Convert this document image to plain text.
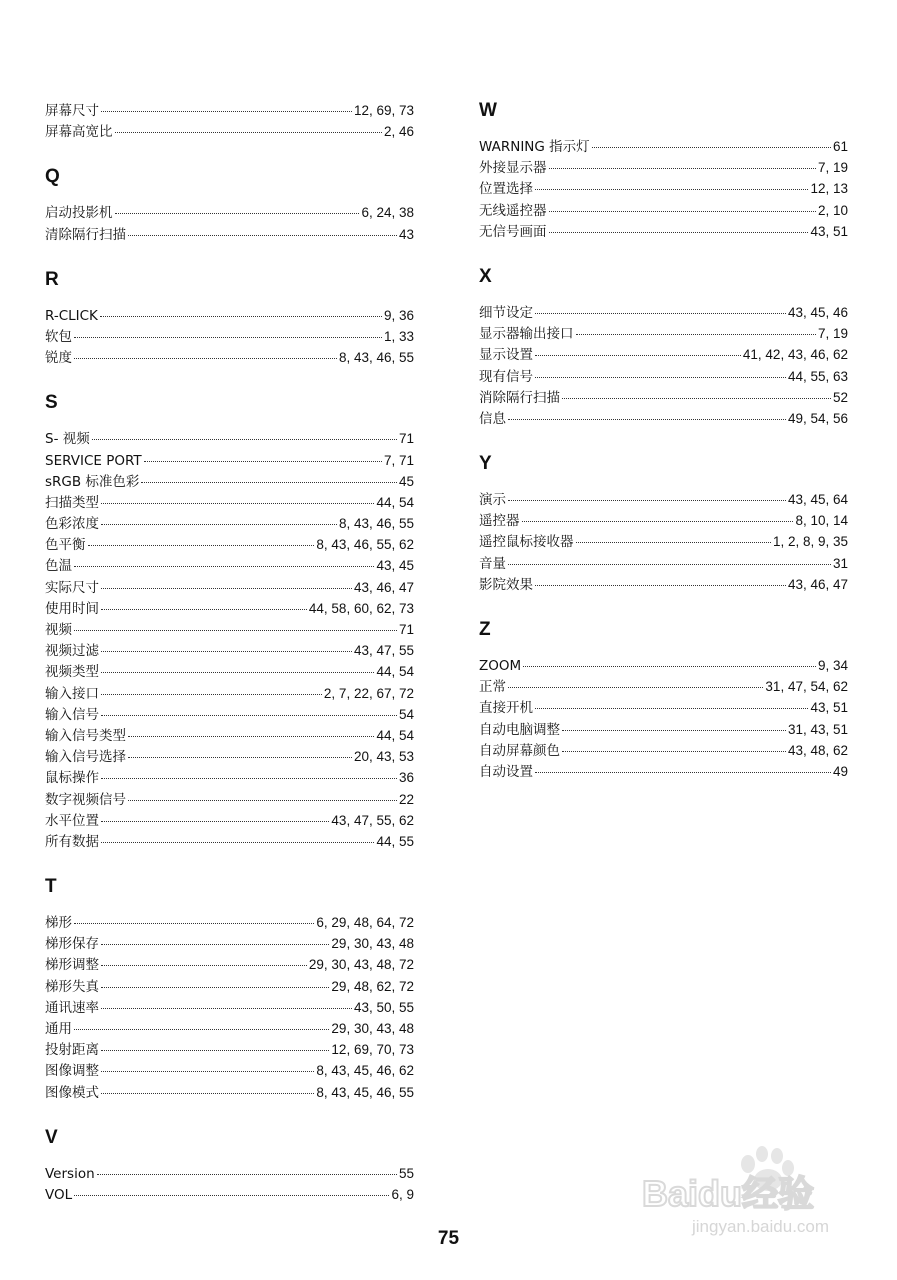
屏幕尺寸	12, 69, 73
屏幕高宽比	2, 46
Q
启动投影机	6, 24, 38
清除隔行扫描	43
R
R-CLICK	9, 36
软包	1, 33
锐度	8, 43, 46, 55
S
S- 视频	71
SERVICE PORT	7, 71
sRGB 标准色彩	45
扫描类型	44, 54
色彩浓度	8, 43, 46, 55
色平衡	8, 43, 46, 55, 62
色温	43, 45
实际尺寸	43, 46, 47
使用时间	44, 58, 60, 62, 73
视频	71
视频过滤	43, 47, 55
视频类型	44, 54
输入接口	2, 7, 22, 67, 72
输入信号	54
输入信号类型	44, 54
输入信号选择	20, 43, 53
鼠标操作	36
数字视频信号	22
水平位置	43, 47, 55, 62
所有数据	44, 55
T
梯形	6, 29, 48, 64, 72
梯形保存	29, 30, 43, 48
梯形调整	29, 30, 43, 48, 72
梯形失真	29, 48, 62, 72
通讯速率	43, 50, 55
通用	29, 30, 43, 48
投射距离	12, 69, 70, 73
图像调整	8, 43, 45, 46, 62
图像模式	8, 43, 45, 46, 55
V
Version	55
VOL	6, 9
W
WARNING 指示灯	61
外接显示器	7, 19
位置选择	12, 13
无线遥控器	2, 10
无信号画面	43, 51
X
细节设定	43, 45, 46
显示器输出接口	7, 19
显示设置	41, 42, 43, 46, 62
现有信号	44, 55, 63
消除隔行扫描	52
信息	49, 54, 56
Y
演示	43, 45, 64
遥控器	8, 10, 14
遥控鼠标接收器	1, 2, 8, 9, 35
音量	31
影院效果	43, 46, 47
Z
ZOOM	9, 34
正常	31, 47, 54, 62
直接开机	43, 51
自动电脑调整	31, 43, 51
自动屏幕颜色	43, 48, 62
自动设置	49
75
Baidu经验
jingyan.baidu.com
